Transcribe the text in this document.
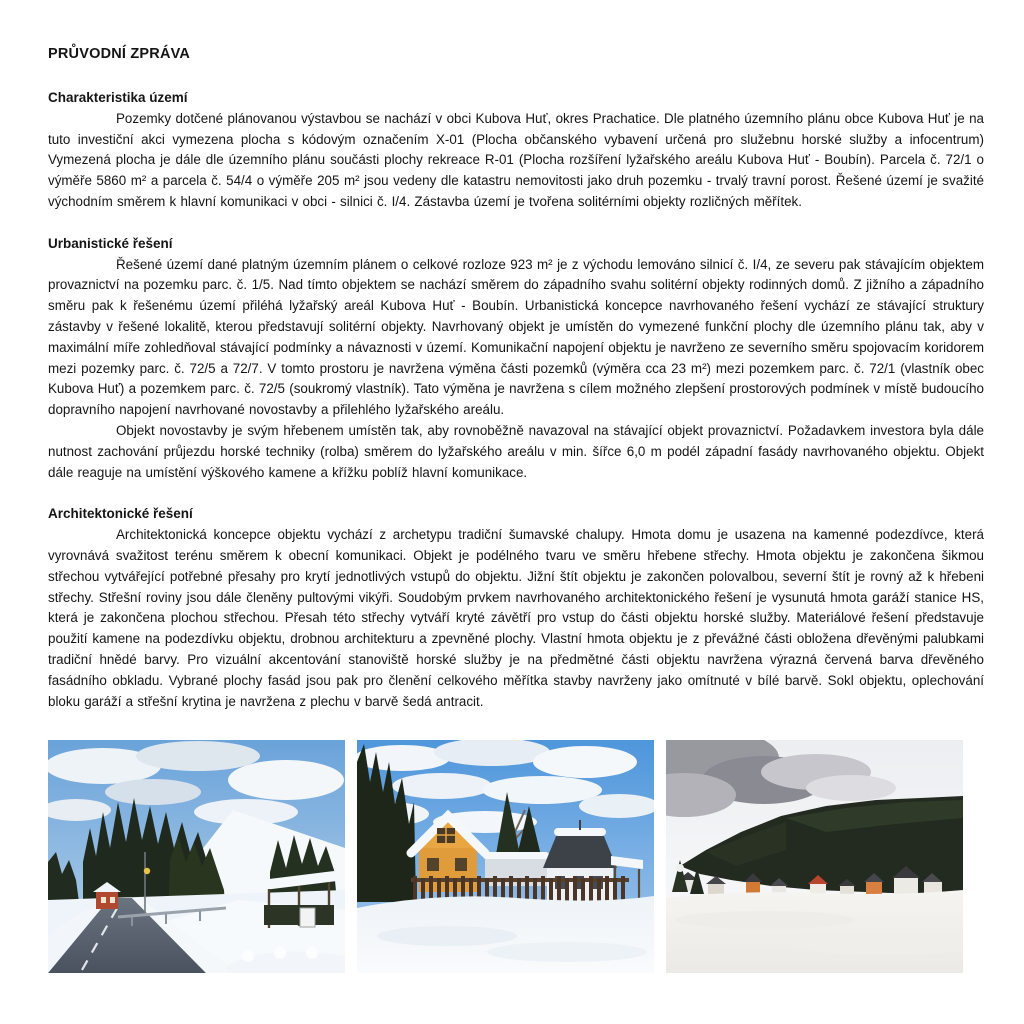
PRŮVODNÍ ZPRÁVA
Charakteristika území

Pozemky dotčené plánovanou výstavbou se nachází v obci Kubova Huť, okres Prachatice. Dle platného územního plánu obce Kubova Huť je na tuto investiční akci vymezena plocha s kódovým označením X-01 (Plocha občanského vybavení určená pro služebnu horské služby a infocentrum) Vymezená plocha je dále dle územního plánu součásti plochy rekreace R-01 (Plocha rozšíření lyžařského areálu Kubova Huť - Boubín). Parcela č. 72/1 o výměře 5860 m² a parcela č. 54/4 o výměře 205 m² jsou vedeny dle katastru nemovitosti jako druh pozemku - trvalý travní porost. Řešené území je svažité východním směrem k hlavní komunikaci v obci - silnici č. I/4. Zástavba území je tvořena solitérními objekty rozličných měřítek.

Urbanistické řešení

Řešené území dané platným územním plánem o celkové rozloze 923 m² je z východu lemováno silnicí č. I/4, ze severu pak stávajícím objektem provaznictví na pozemku parc. č. 1/5. Nad tímto objektem se nachází směrem do západního svahu solitérní objekty rodinných domů. Z jižního a západního směru pak k řešenému území přiléhá lyžařský areál Kubova Huť - Boubín. Urbanistická koncepce navrhovaného řešení vychází ze stávající struktury zástavby v řešené lokalitě, kterou představují solitérní objekty. Navrhovaný objekt je umístěn do vymezené funkční plochy dle územního plánu tak, aby v maximální míře zohledňoval stávající podmínky a návaznosti v území. Komunikační napojení objektu je navrženo ze severního směru spojovacím koridorem mezi pozemky parc. č. 72/5 a 72/7. V tomto prostoru je navržena výměna části pozemků (výměra cca 23 m²) mezi pozemkem parc. č. 72/1 (vlastník obec Kubova Huť) a pozemkem parc. č. 72/5 (soukromý vlastník). Tato výměna je navržena s cílem možného zlepšení prostorových podmínek v místě budoucího dopravního napojení navrhované novostavby a přilehlého lyžařského areálu.

Objekt novostavby je svým hřebenem umístěn tak, aby rovnoběžně navazoval na stávající objekt provaznictví. Požadavkem investora byla dále nutnost zachování průjezdu horské techniky (rolba) směrem do lyžařského areálu v min. šířce 6,0 m podél západní fasády navrhovaného objektu. Objekt dále reaguje na umístění výškového kamene a křížku poblíž hlavní komunikace.

Architektonické řešení

Architektonická koncepce objektu vychází z archetypu tradiční šumavské chalupy. Hmota domu je usazena na kamenné podezdívce, která vyrovnává svažitost terénu směrem k obecní komunikaci. Objekt je podélného tvaru ve směru hřebene střechy. Hmota objektu je zakončena šikmou střechou vytvářející potřebné přesahy pro krytí jednotlivých vstupů do objektu. Jižní štít objektu je zakončen polovalbou, severní štít je rovný až k hřebeni střechy. Střešní roviny jsou dále členěny pultovými vikýři. Soudobým prvkem navrhovaného architektonického řešení je vysunutá hmota garáží stanice HS, která je zakončena plochou střechou. Přesah této střechy vytváří kryté závětří pro vstup do části objektu horské služby. Materiálové řešení představuje použití kamene na podezdívku objektu, drobnou architekturu a zpevněné plochy. Vlastní hmota objektu je z převážné části obložena dřevěnými palubkami tradiční hnědé barvy. Pro vizuální akcentování stanoviště horské služby je na předmětné části objektu navržena výrazná červená barva dřevěného fasádního obkladu. Vybrané plochy fasád jsou pak pro členění celkového měřítka stavby navrženy jako omítnuté v bílé barvě. Sokl objektu, oplechování bloku garáží a střešní krytina je navržena z plechu v barvě šedá antracit.
